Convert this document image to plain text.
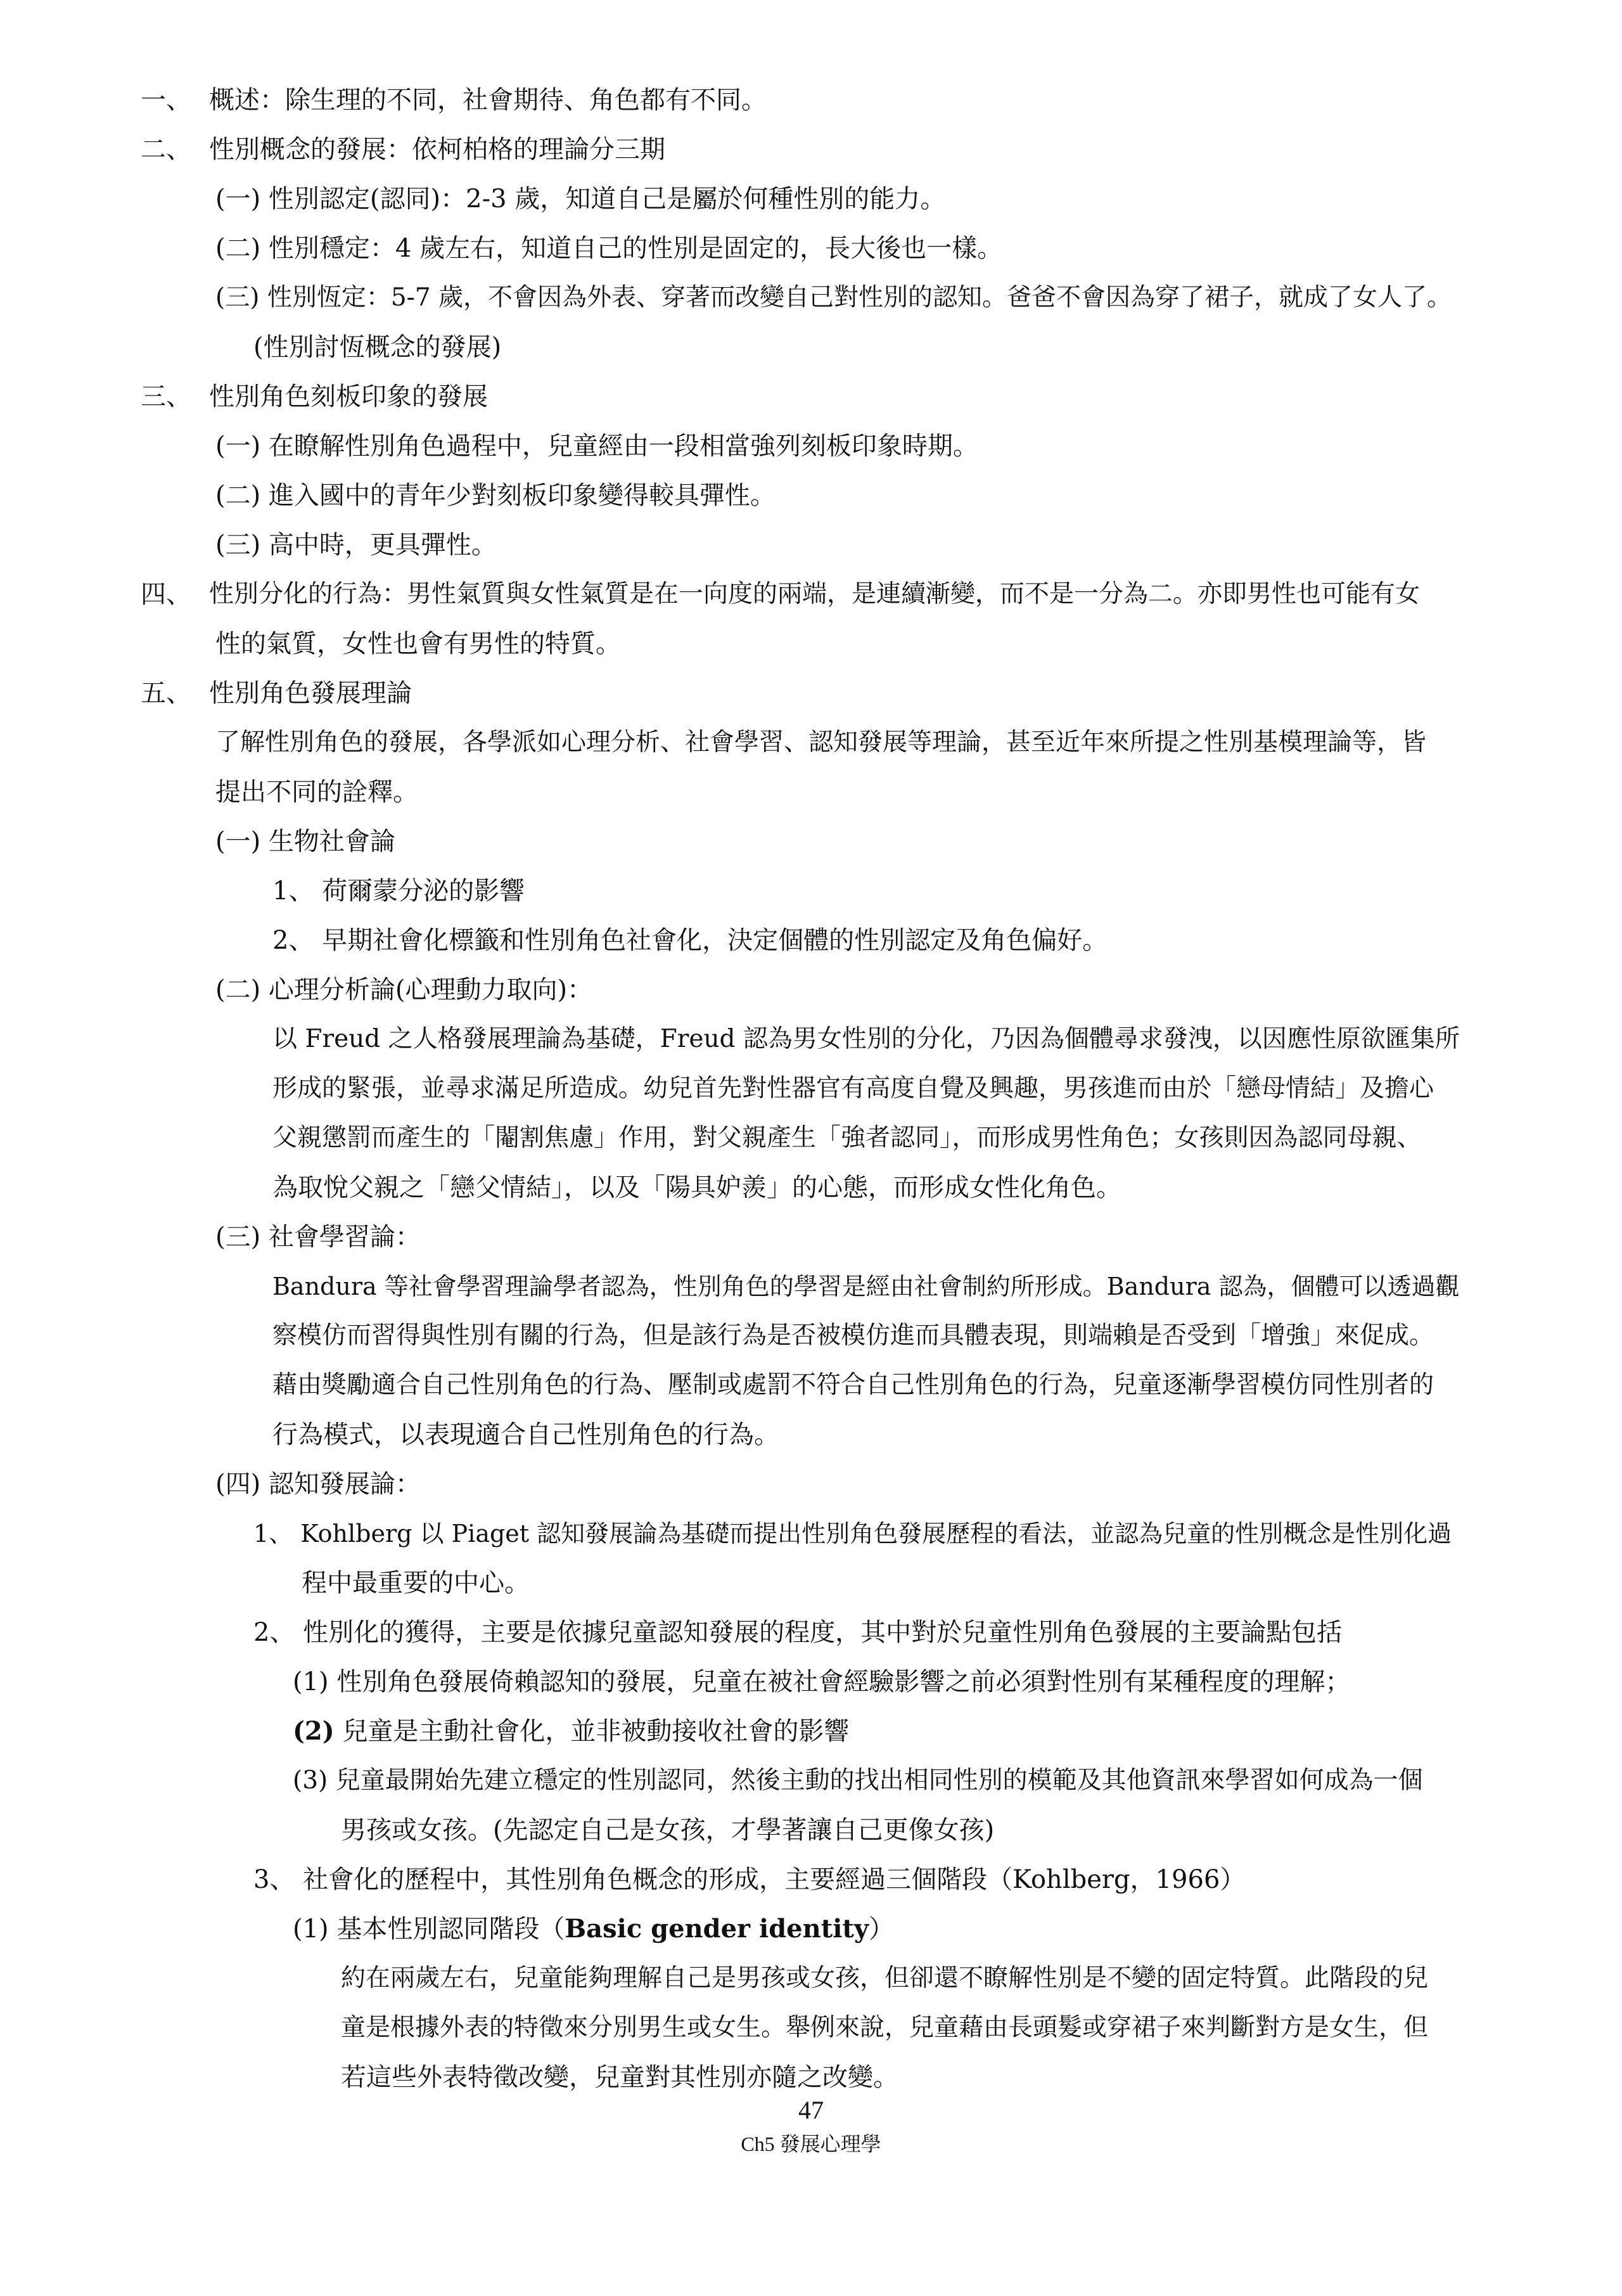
一、 概述：除生理的不同，社會期待、角色都有不同。
二、 性別概念的發展：依柯柏格的理論分三期
(一) 性別認定(認同)：2-3 歲，知道自己是屬於何種性別的能力。
(二) 性別穩定：4 歲左右，知道自己的性別是固定的，長大後也一樣。
(三) 性別恆定：5-7 歲，不會因為外表、穿著而改變自己對性別的認知。爸爸不會因為穿了裙子，就成了女人了。
(性別討恆概念的發展)
三、 性別角色刻板印象的發展
(一) 在瞭解性別角色過程中，兒童經由一段相當強列刻板印象時期。
(二) 進入國中的青年少對刻板印象變得較具彈性。
(三) 高中時，更具彈性。
四、 性別分化的行為：男性氣質與女性氣質是在一向度的兩端，是連續漸變，而不是一分為二。亦即男性也可能有女
性的氣質，女性也會有男性的特質。
五、 性別角色發展理論
了解性別角色的發展，各學派如心理分析、社會學習、認知發展等理論，甚至近年來所提之性別基模理論等，皆
提出不同的詮釋。
(一) 生物社會論
1、 荷爾蒙分泌的影響
2、 早期社會化標籤和性別角色社會化，決定個體的性別認定及角色偏好。
(二) 心理分析論(心理動力取向)：
以 Freud 之人格發展理論為基礎，Freud 認為男女性別的分化，乃因為個體尋求發洩，以因應性原欲匯集所
形成的緊張，並尋求滿足所造成。幼兒首先對性器官有高度自覺及興趣，男孩進而由於「戀母情結」及擔心
父親懲罰而產生的「閹割焦慮」作用，對父親產生「強者認同」，而形成男性角色；女孩則因為認同母親、
為取悅父親之「戀父情結」，以及「陽具妒羨」的心態，而形成女性化角色。
(三) 社會學習論：
Bandura 等社會學習理論學者認為，性別角色的學習是經由社會制約所形成。Bandura 認為，個體可以透過觀
察模仿而習得與性別有關的行為，但是該行為是否被模仿進而具體表現，則端賴是否受到「增強」來促成。
藉由獎勵適合自己性別角色的行為、壓制或處罰不符合自己性別角色的行為，兒童逐漸學習模仿同性別者的
行為模式，以表現適合自己性別角色的行為。
(四) 認知發展論：
1、 Kohlberg 以 Piaget 認知發展論為基礎而提出性別角色發展歷程的看法，並認為兒童的性別概念是性別化過
程中最重要的中心。
2、 性別化的獲得，主要是依據兒童認知發展的程度，其中對於兒童性別角色發展的主要論點包括
(1) 性別角色發展倚賴認知的發展，兒童在被社會經驗影響之前必須對性別有某種程度的理解；
(2) 兒童是主動社會化，並非被動接收社會的影響
(3) 兒童最開始先建立穩定的性別認同，然後主動的找出相同性別的模範及其他資訊來學習如何成為一個
男孩或女孩。(先認定自己是女孩，才學著讓自己更像女孩)
3、 社會化的歷程中，其性別角色概念的形成，主要經過三個階段（Kohlberg，1966）
(1) 基本性別認同階段（Basic gender identity）
約在兩歲左右，兒童能夠理解自己是男孩或女孩，但卻還不瞭解性別是不變的固定特質。此階段的兒
童是根據外表的特徵來分別男生或女生。舉例來說，兒童藉由長頭髮或穿裙子來判斷對方是女生，但
若這些外表特徵改變，兒童對其性別亦隨之改變。
47
Ch5 發展心理學
